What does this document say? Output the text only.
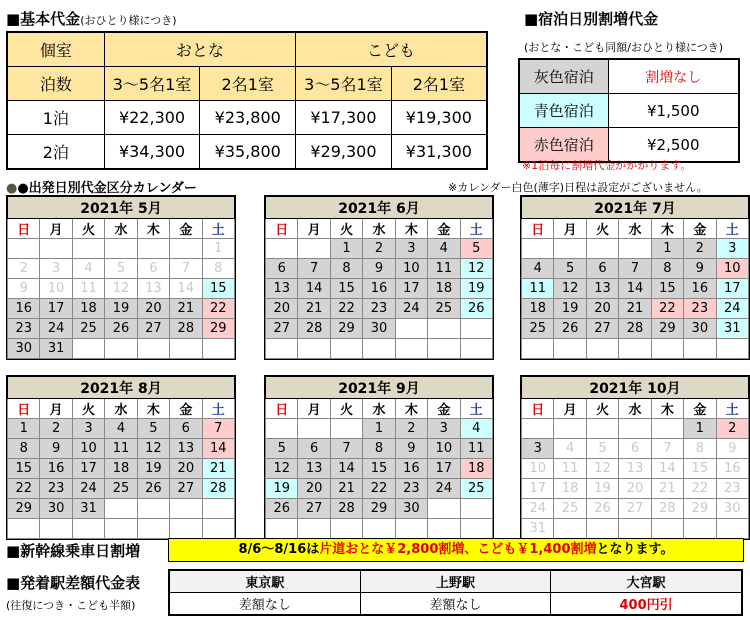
■基本代金(おひとり様につき)
個室	おとな		こども	
泊数	3～5名1室	2名1室	3～5名1室	2名1室
1泊	¥22,300	¥23,800	¥17,300	¥19,300
2泊	¥34,300	¥35,800	¥29,300	¥31,300
■宿泊日別割増代金
(おとな・こども同額/おひとり様につき)
灰色宿泊	割増なし
青色宿泊	¥1,500
赤色宿泊	¥2,500
※1泊毎に割増代金がかかります。
●●出発日別代金区分カレンダー	※カレンダー白色(薄字)日程は設定がございません。
2021年 5月						
日	月	火	水	木	金	土
						1
2	3	4	5	6	7	8
9	10	11	12	13	14	15
16	17	18	19	20	21	22
23	24	25	26	27	28	29
30	31					
2021年 6月						
日	月	火	水	木	金	土
		1	2	3	4	5
6	7	8	9	10	11	12
13	14	15	16	17	18	19
20	21	22	23	24	25	26
27	28	29	30			

2021年 7月						
日	月	火	水	木	金	土
				1	2	3
4	5	6	7	8	9	10
11	12	13	14	15	16	17
18	19	20	21	22	23	24
25	26	27	28	29	30	31

2021年 8月						
日	月	火	水	木	金	土
1	2	3	4	5	6	7
8	9	10	11	12	13	14
15	16	17	18	19	20	21
22	23	24	25	26	27	28
29	30	31				

2021年 9月						
日	月	火	水	木	金	土
			1	2	3	4
5	6	7	8	9	10	11
12	13	14	15	16	17	18
19	20	21	22	23	24	25
26	27	28	29	30		

2021年 10月						
日	月	火	水	木	金	土
					1	2
3	4	5	6	7	8	9
10	11	12	13	14	15	16
17	18	19	20	21	22	23
24	25	26	27	28	29	30
31						
■新幹線乗車日割増	8/6～8/16は片道おとな￥2,800割増、こども￥1,400割増となります。
■発着駅差額代金表
(往復につき・こども半額)
東京駅	上野駅	大宮駅
差額なし	差額なし	400円引
